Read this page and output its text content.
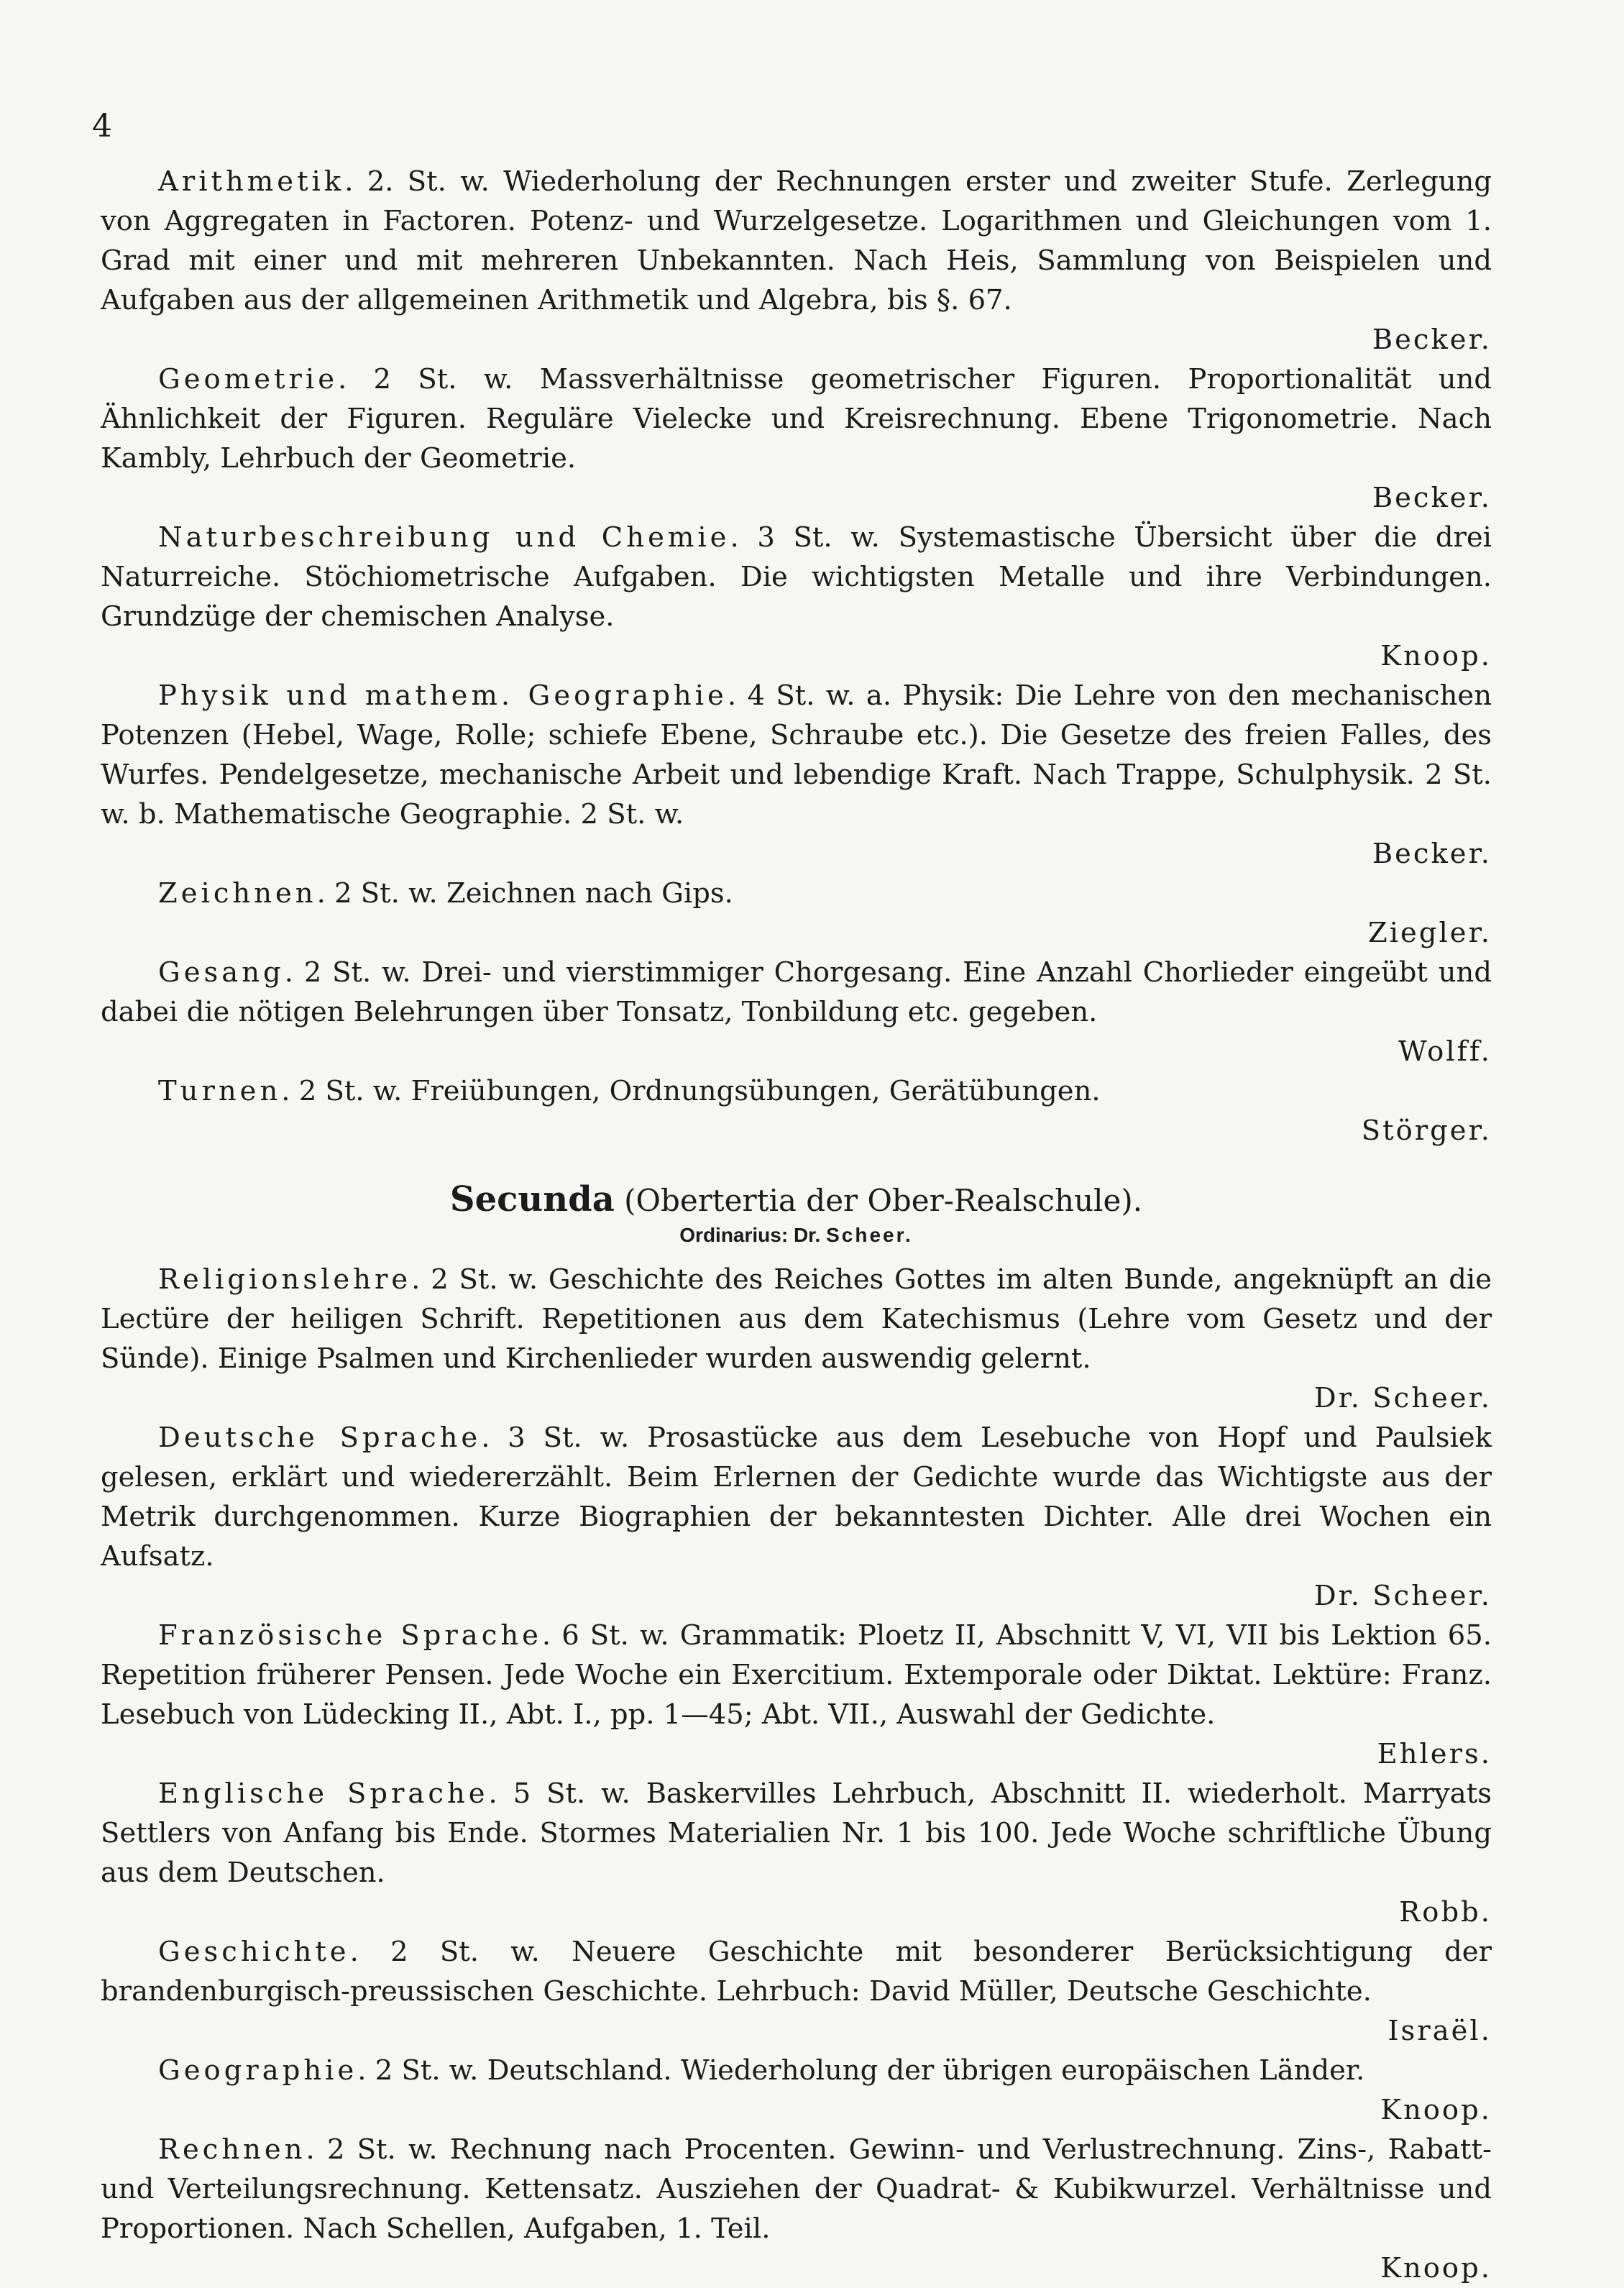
4

Arithmetik. 2. St. w. Wiederholung der Rechnungen erster und zweiter Stufe. Zerlegung von Aggregaten in Factoren. Potenz- und Wurzelgesetze. Logarithmen und Gleichungen vom 1. Grad mit einer und mit mehreren Unbekannten. Nach Heis, Sammlung von Beispielen und Aufgaben aus der allgemeinen Arithmetik und Algebra, bis §. 67.
Becker.

Geometrie. 2 St. w. Massverhältnisse geometrischer Figuren. Proportionalität und Ähnlichkeit der Figuren. Reguläre Vielecke und Kreisrechnung. Ebene Trigonometrie. Nach Kambly, Lehrbuch der Geometrie.
Becker.

Naturbeschreibung und Chemie. 3 St. w. Systemastische Übersicht über die drei Naturreiche. Stöchiometrische Aufgaben. Die wichtigsten Metalle und ihre Verbindungen. Grundzüge der chemischen Analyse.
Knoop.

Physik und mathem. Geographie. 4 St. w. a. Physik: Die Lehre von den mechanischen Potenzen (Hebel, Wage, Rolle; schiefe Ebene, Schraube etc.). Die Gesetze des freien Falles, des Wurfes. Pendelgesetze, mechanische Arbeit und lebendige Kraft. Nach Trappe, Schulphysik. 2 St. w. b. Mathematische Geographie. 2 St. w.
Becker.

Zeichnen. 2 St. w. Zeichnen nach Gips.
Ziegler.

Gesang. 2 St. w. Drei- und vierstimmiger Chorgesang. Eine Anzahl Chorlieder eingeübt und dabei die nötigen Belehrungen über Tonsatz, Tonbildung etc. gegeben.
Wolff.

Turnen. 2 St. w. Freiübungen, Ordnungsübungen, Gerätübungen.
Störger.

Secunda (Obertertia der Ober-Realschule).
Ordinarius: Dr. Scheer.

Religionslehre. 2 St. w. Geschichte des Reiches Gottes im alten Bunde, angeknüpft an die Lectüre der heiligen Schrift. Repetitionen aus dem Katechismus (Lehre vom Gesetz und der Sünde). Einige Psalmen und Kirchenlieder wurden auswendig gelernt.
Dr. Scheer.

Deutsche Sprache. 3 St. w. Prosastücke aus dem Lesebuche von Hopf und Paulsiek gelesen, erklärt und wiedererzählt. Beim Erlernen der Gedichte wurde das Wichtigste aus der Metrik durchgenommen. Kurze Biographien der bekanntesten Dichter. Alle drei Wochen ein Aufsatz.
Dr. Scheer.

Französische Sprache. 6 St. w. Grammatik: Ploetz II, Abschnitt V, VI, VII bis Lektion 65. Repetition früherer Pensen. Jede Woche ein Exercitium. Extemporale oder Diktat. Lektüre: Franz. Lesebuch von Lüdecking II., Abt. I., pp. 1—45; Abt. VII., Auswahl der Gedichte.
Ehlers.

Englische Sprache. 5 St. w. Baskervilles Lehrbuch, Abschnitt II. wiederholt. Marryats Settlers von Anfang bis Ende. Stormes Materialien Nr. 1 bis 100. Jede Woche schriftliche Übung aus dem Deutschen.
Robb.

Geschichte. 2 St. w. Neuere Geschichte mit besonderer Berücksichtigung der brandenburgisch-preussischen Geschichte. Lehrbuch: David Müller, Deutsche Geschichte.
Israël.

Geographie. 2 St. w. Deutschland. Wiederholung der übrigen europäischen Länder.
Knoop.

Rechnen. 2 St. w. Rechnung nach Procenten. Gewinn- und Verlustrechnung. Zins-, Rabatt- und Verteilungsrechnung. Kettensatz. Ausziehen der Quadrat- & Kubikwurzel. Verhältnisse und Proportionen. Nach Schellen, Aufgaben, 1. Teil.
Knoop.
